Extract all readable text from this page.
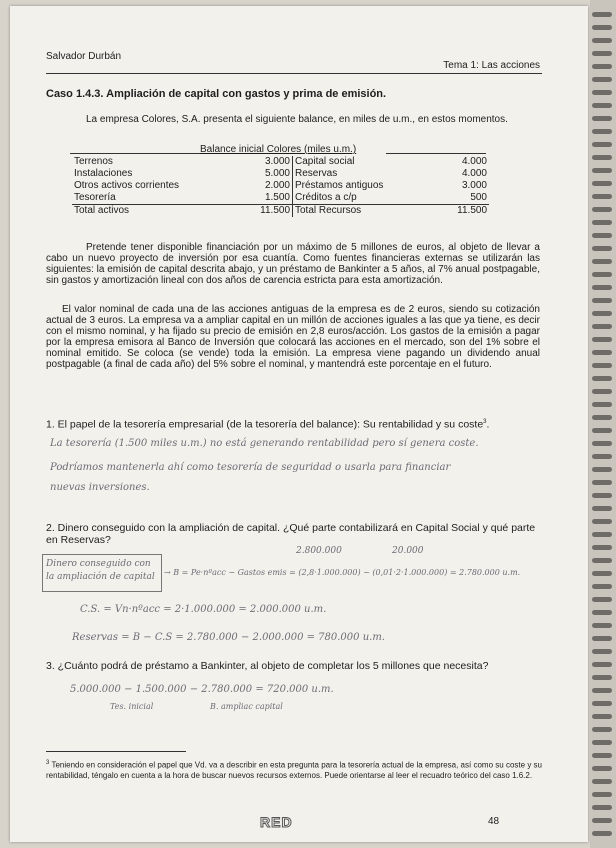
Salvador Durbán
Tema 1: Las acciones
Caso 1.4.3. Ampliación de capital con gastos y prima de emisión.
La empresa Colores, S.A. presenta el siguiente balance, en miles de u.m., en estos momentos.
Balance inicial Colores (miles u.m.)
Terrenos	3.000	Capital social	4.000
Instalaciones	5.000	Reservas	4.000
Otros activos corrientes	2.000	Préstamos antiguos	3.000
Tesorería	1.500	Créditos a c/p	500
Total activos	11.500	Total Recursos	11.500
Pretende tener disponible financiación por un máximo de 5 millones de euros, al objeto de llevar a cabo un nuevo proyecto de inversión por esa cuantía. Como fuentes financieras externas se utilizarán las siguientes: la emisión de capital descrita abajo, y un préstamo de Bankinter a 5 años, al 7% anual postpagable, sin gastos y amortización lineal con dos años de carencia estricta para esta amortización.
El valor nominal de cada una de las acciones antiguas de la empresa es de 2 euros, siendo su cotización actual de 3 euros. La empresa va a ampliar capital en un millón de acciones iguales a las que ya tiene, es decir con el mismo nominal, y ha fijado su precio de emisión en 2,8 euros/acción. Los gastos de la emisión a pagar por la empresa emisora al Banco de Inversión que colocará las acciones en el mercado, son del 1% sobre el nominal emitido. Se coloca (se vende) toda la emisión. La empresa viene pagando un dividendo anual postpagable (a final de cada año) del 5% sobre el nominal, y mantendrá este porcentaje en el futuro.
1. El papel de la tesorería empresarial (de la tesorería del balance): Su rentabilidad y su coste$^3$.
La tesorería (1.500 miles u.m.) no está generando rentabilidad pero sí genera coste.
Podríamos mantenerla ahí como tesorería de seguridad o usarla para financiar
nuevas inversiones.
2. Dinero conseguido con la ampliación de capital. ¿Qué parte contabilizará en Capital Social y qué parte en Reservas?
Dinero conseguido con la ampliación de capital
2.800.000	20.000
→ B = Pe·nºacc − Gastos emis = (2,8·1.000.000) − (0,01·2·1.000.000) = 2.780.000 u.m.
C.S. = Vn·nºacc = 2·1.000.000 = 2.000.000 u.m.
Reservas = B − C.S = 2.780.000 − 2.000.000 = 780.000 u.m.
3. ¿Cuánto podrá de préstamo a Bankinter, al objeto de completar los 5 millones que necesita?
5.000.000 − 1.500.000 − 2.780.000 = 720.000 u.m.
Tes. inicial	B. ampliac capital
$^3$ Teniendo en consideración el papel que Vd. va a describir en esta pregunta para la tesorería actual de la empresa, así como su coste y su rentabilidad, téngalo en cuenta a la hora de buscar nuevos recursos externos. Puede orientarse al leer el recuadro teórico del caso 1.6.2.
RED	48
